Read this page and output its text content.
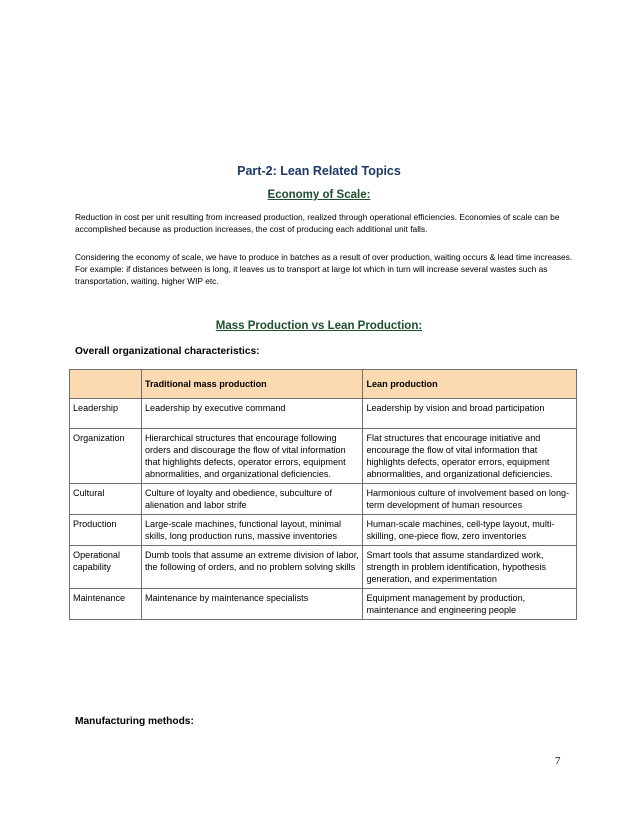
Part-2: Lean Related Topics
Economy of Scale:

Reduction in cost per unit resulting from increased production, realized through operational efficiencies. Economies of scale can be accomplished because as production increases, the cost of producing each additional unit falls.

Considering the economy of scale, we have to produce in batches as a result of over production, waiting occurs & lead time increases. For example: if distances between is long, it leaves us to transport at large lot which in turn will increase several wastes such as transportation, waiting, higher WIP etc.

Mass Production vs Lean Production:

Overall organizational characteristics:

	Traditional mass production	Lean production
Leadership	Leadership by executive command	Leadership by vision and broad participation
Organization	Hierarchical structures that encourage following orders and discourage the flow of vital information that highlights defects, operator errors, equipment abnormalities, and organizational deficiencies.	Flat structures that encourage initiative and encourage the flow of vital information that highlights defects, operator errors, equipment abnormalities, and organizational deficiencies.
Cultural	Culture of loyalty and obedience, subculture of alienation and labor strife	Harmonious culture of involvement based on long-term development of human resources
Production	Large-scale machines, functional layout, minimal skills, long production runs, massive inventories	Human-scale machines, cell-type layout, multi-skilling, one-piece flow, zero inventories
Operational capability	Dumb tools that assume an extreme division of labor, the following of orders, and no problem solving skills	Smart tools that assume standardized work, strength in problem identification, hypothesis generation, and experimentation
Maintenance	Maintenance by maintenance specialists	Equipment management by production, maintenance and engineering people

Manufacturing methods:

7
